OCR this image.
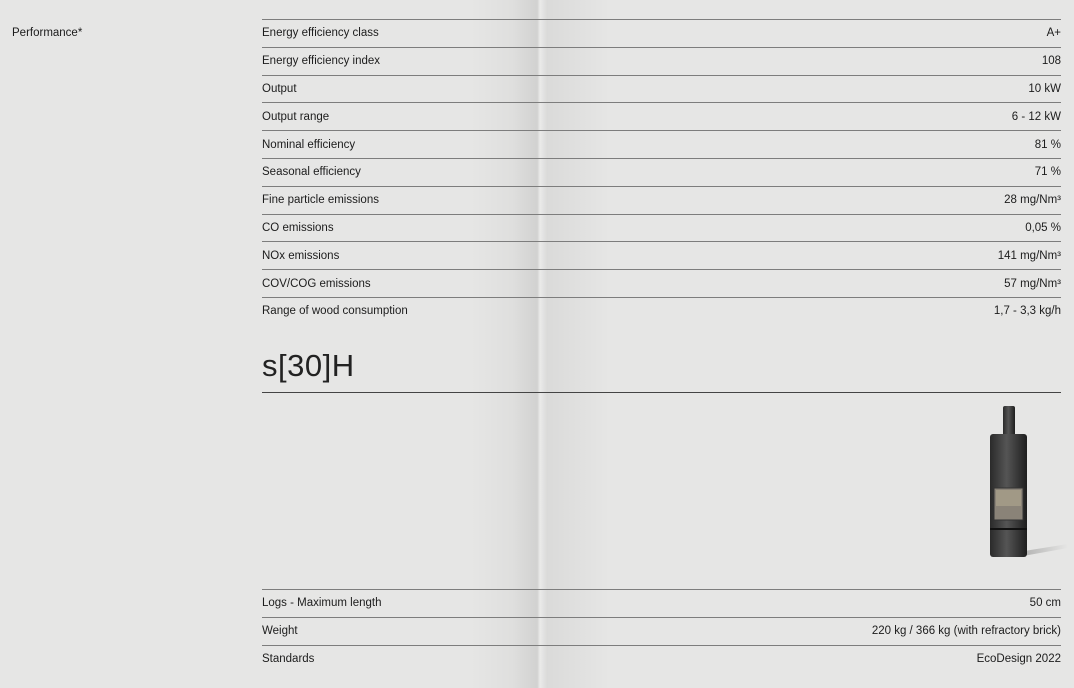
Performance*	Energy efficiency class	A+
Energy efficiency index	108
Output	10 kW
Output range	6 - 12 kW
Nominal efficiency	81 %
Seasonal efficiency	71 %
Fine particle emissions	28 mg/Nm³
CO emissions	0,05 %
NOx emissions	141 mg/Nm³
COV/COG emissions	57 mg/Nm³
Range of wood consumption	1,7 - 3,3 kg/h
s[30]H
Logs - Maximum length	50 cm
Weight	220 kg / 366 kg (with refractory brick)
Standards	EcoDesign 2022
